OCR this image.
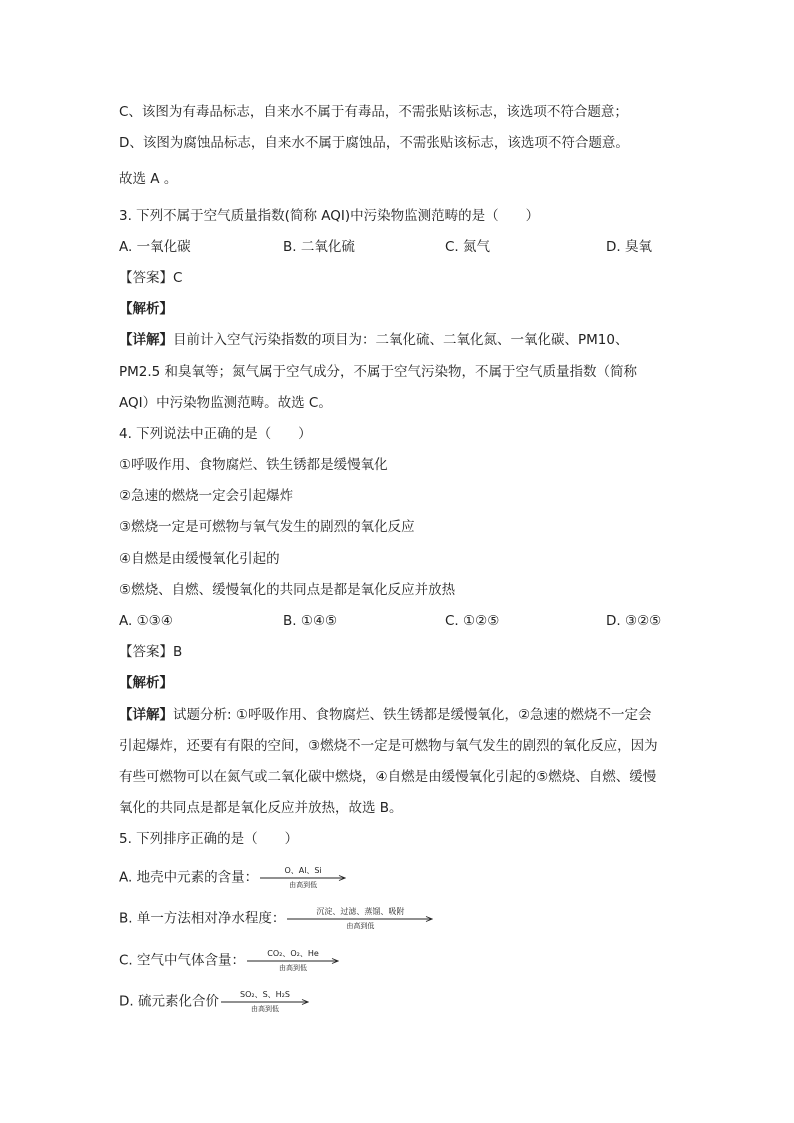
C、该图为有毒品标志，自来水不属于有毒品，不需张贴该标志，该选项不符合题意；
D、该图为腐蚀品标志，自来水不属于腐蚀品，不需张贴该标志，该选项不符合题意。
故选 A 。
3. 下列不属于空气质量指数(简称 AQI)中污染物监测范畴的是（　　）
A. 一氧化碳	B. 二氧化硫	C. 氮气	D. 臭氧
【答案】C
【解析】
【详解】目前计入空气污染指数的项目为：二氧化硫、二氧化氮、一氧化碳、PM10、
PM2.5 和臭氧等；氮气属于空气成分，不属于空气污染物，不属于空气质量指数（简称
AQI）中污染物监测范畴。故选 C。
4. 下列说法中正确的是（　　）
①呼吸作用、食物腐烂、铁生锈都是缓慢氧化
②急速的燃烧一定会引起爆炸
③燃烧一定是可燃物与氧气发生的剧烈的氧化反应
④自燃是由缓慢氧化引起的
⑤燃烧、自燃、缓慢氧化的共同点是都是氧化反应并放热
A. ①③④	B. ①④⑤	C. ①②⑤	D. ③②⑤
【答案】B
【解析】
【详解】试题分析: ①呼吸作用、食物腐烂、铁生锈都是缓慢氧化，②急速的燃烧不一定会
引起爆炸，还要有有限的空间，③燃烧不一定是可燃物与氧气发生的剧烈的氧化反应，因为
有些可燃物可以在氮气或二氧化碳中燃烧，④自燃是由缓慢氧化引起的⑤燃烧、自燃、缓慢
氧化的共同点是都是氧化反应并放热，故选 B。
5. 下列排序正确的是（　　）
A. 地壳中元素的含量：	O、Al、Si
由高到低
B. 单一方法相对净水程度：	沉淀、过滤、蒸馏、吸附
由高到低
C. 空气中气体含量：	CO₂、O₂、He
由高到低
D. 硫元素化合价	SO₂、S、H₂S
由高到低
